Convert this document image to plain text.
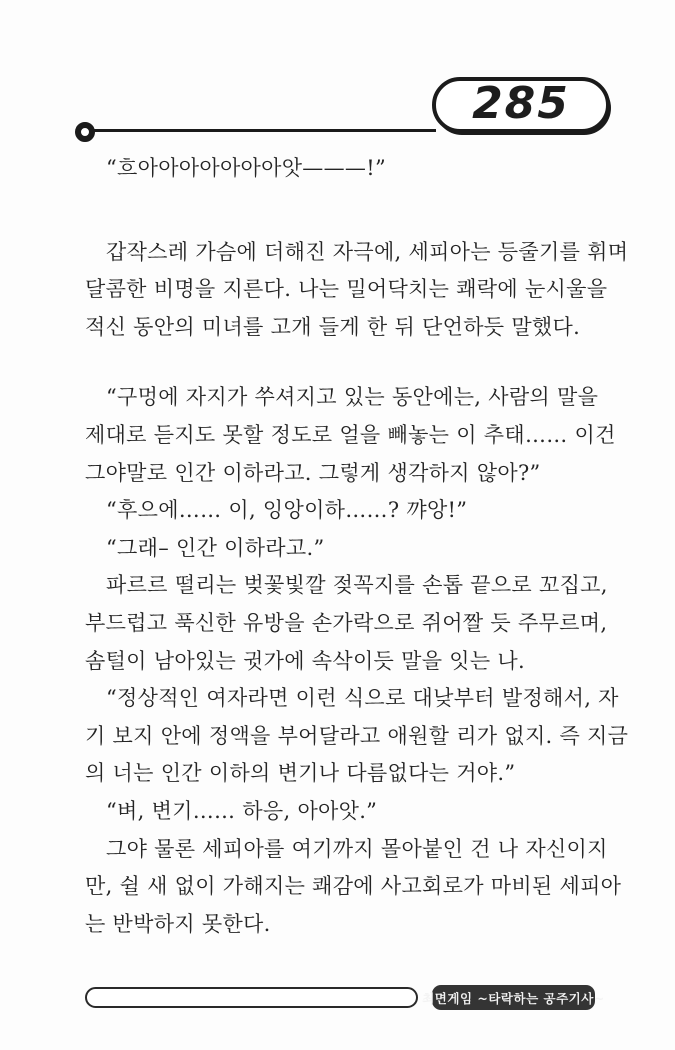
285
“흐아아아아아아아앗———!”
갑작스레 가슴에 더해진 자극에, 세피아는 등줄기를 휘며
달콤한 비명을 지른다. 나는 밀어닥치는 쾌락에 눈시울을
적신 동안의 미녀를 고개 들게 한 뒤 단언하듯 말했다.
“구멍에 자지가 쑤셔지고 있는 동안에는, 사람의 말을
제대로 듣지도 못할 정도로 얼을 빼놓는 이 추태…… 이건
그야말로 인간 이하라고. 그렇게 생각하지 않아?”
“후으에…… 이, 잉앙이하……? 꺄앙!”
“그래– 인간 이하라고.”
파르르 떨리는 벚꽃빛깔 젖꼭지를 손톱 끝으로 꼬집고,
부드럽고 푹신한 유방을 손가락으로 쥐어짤 듯 주무르며,
솜털이 남아있는 귓가에 속삭이듯 말을 잇는 나.
“정상적인 여자라면 이런 식으로 대낮부터 발정해서, 자
기 보지 안에 정액을 부어달라고 애원할 리가 없지. 즉 지금
의 너는 인간 이하의 변기나 다름없다는 거야.”
“벼, 변기…… 하응, 아아앗.”
그야 물론 세피아를 여기까지 몰아붙인 건 나 자신이지
만, 쉴 새 없이 가해지는 쾌감에 사고회로가 마비된 세피아
는 반박하지 못한다.
최면게임 ~타락하는 공주기사~
